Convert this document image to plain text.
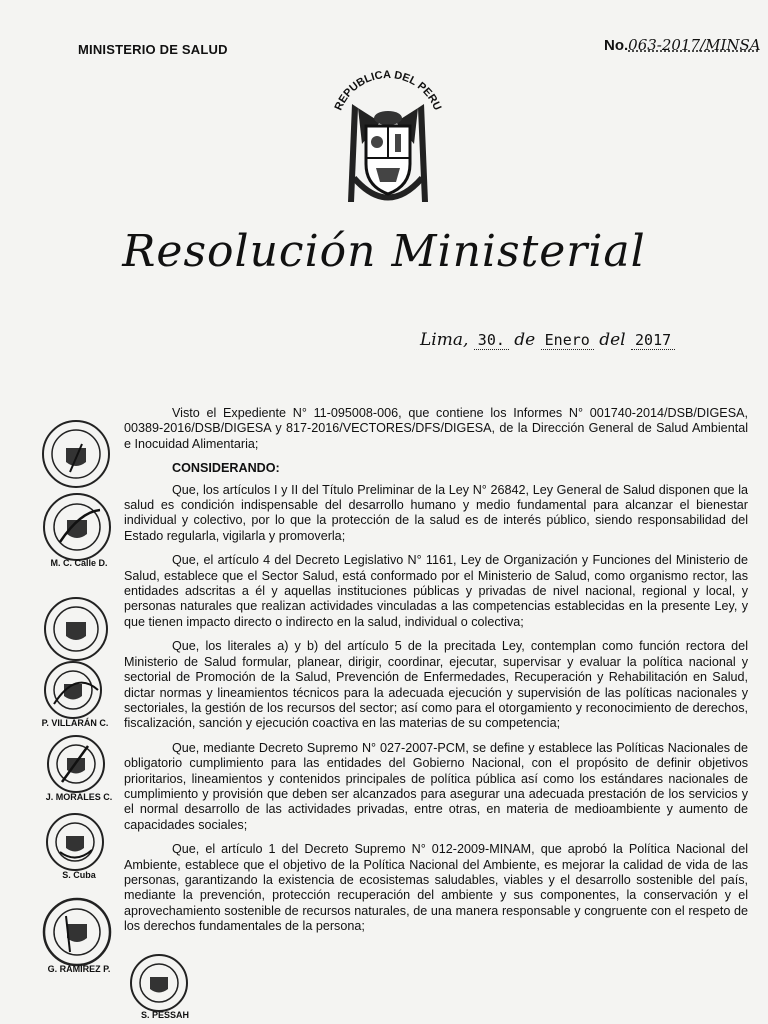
MINISTERIO DE SALUD	No.063-2017/MINSA
REPUBLICA DEL PERU
Resolución Ministerial
Lima, 30. de Enero del 2017

Visto el Expediente N° 11-095008-006, que contiene los Informes N° 001740-2014/DSB/DIGESA, 00389-2016/DSB/DIGESA y 817-2016/VECTORES/DFS/DIGESA, de la Dirección General de Salud Ambiental e Inocuidad Alimentaria;

CONSIDERANDO:

Que, los artículos I y II del Título Preliminar de la Ley N° 26842, Ley General de Salud disponen que la salud es condición indispensable del desarrollo humano y medio fundamental para alcanzar el bienestar individual y colectivo, por lo que la protección de la salud es de interés público, siendo responsabilidad del Estado regularla, vigilarla y promoverla;

Que, el artículo 4 del Decreto Legislativo N° 1161, Ley de Organización y Funciones del Ministerio de Salud, establece que el Sector Salud, está conformado por el Ministerio de Salud, como organismo rector, las entidades adscritas a él y aquellas instituciones públicas y privadas de nivel nacional, regional y local, y personas naturales que realizan actividades vinculadas a las competencias establecidas en la presente Ley, y que tienen impacto directo o indirecto en la salud, individual o colectiva;

Que, los literales a) y b) del artículo 5 de la precitada Ley, contemplan como función rectora del Ministerio de Salud formular, planear, dirigir, coordinar, ejecutar, supervisar y evaluar la política nacional y sectorial de Promoción de la Salud, Prevención de Enfermedades, Recuperación y Rehabilitación en Salud, dictar normas y lineamientos técnicos para la adecuada ejecución y supervisión de las políticas nacionales y sectoriales, la gestión de los recursos del sector; así como para el otorgamiento y reconocimiento de derechos, fiscalización, sanción y ejecución coactiva en las materias de su competencia;

Que, mediante Decreto Supremo N° 027-2007-PCM, se define y establece las Políticas Nacionales de obligatorio cumplimiento para las entidades del Gobierno Nacional, con el propósito de definir objetivos prioritarios, lineamientos y contenidos principales de política pública así como los estándares nacionales de cumplimiento y provisión que deben ser alcanzados para asegurar una adecuada prestación de los servicios y el normal desarrollo de las actividades privadas, entre otras, en materia de medioambiente y aumento de capacidades sociales;

Que, el artículo 1 del Decreto Supremo N° 012-2009-MINAM, que aprobó la Política Nacional del Ambiente, establece que el objetivo de la Política Nacional del Ambiente, es mejorar la calidad de vida de las personas, garantizando la existencia de ecosistemas saludables, viables y el desarrollo sostenible del país, mediante la prevención, protección recuperación del ambiente y sus componentes, la conservación y el aprovechamiento sostenible de recursos naturales, de una manera responsable y congruente con el respeto de los derechos fundamentales de la persona;

M. C. Calle D.
P. VILLARÁN C.
J. MORALES C.
S. Cuba
G. RAMÍREZ P.
S. PESSAH
